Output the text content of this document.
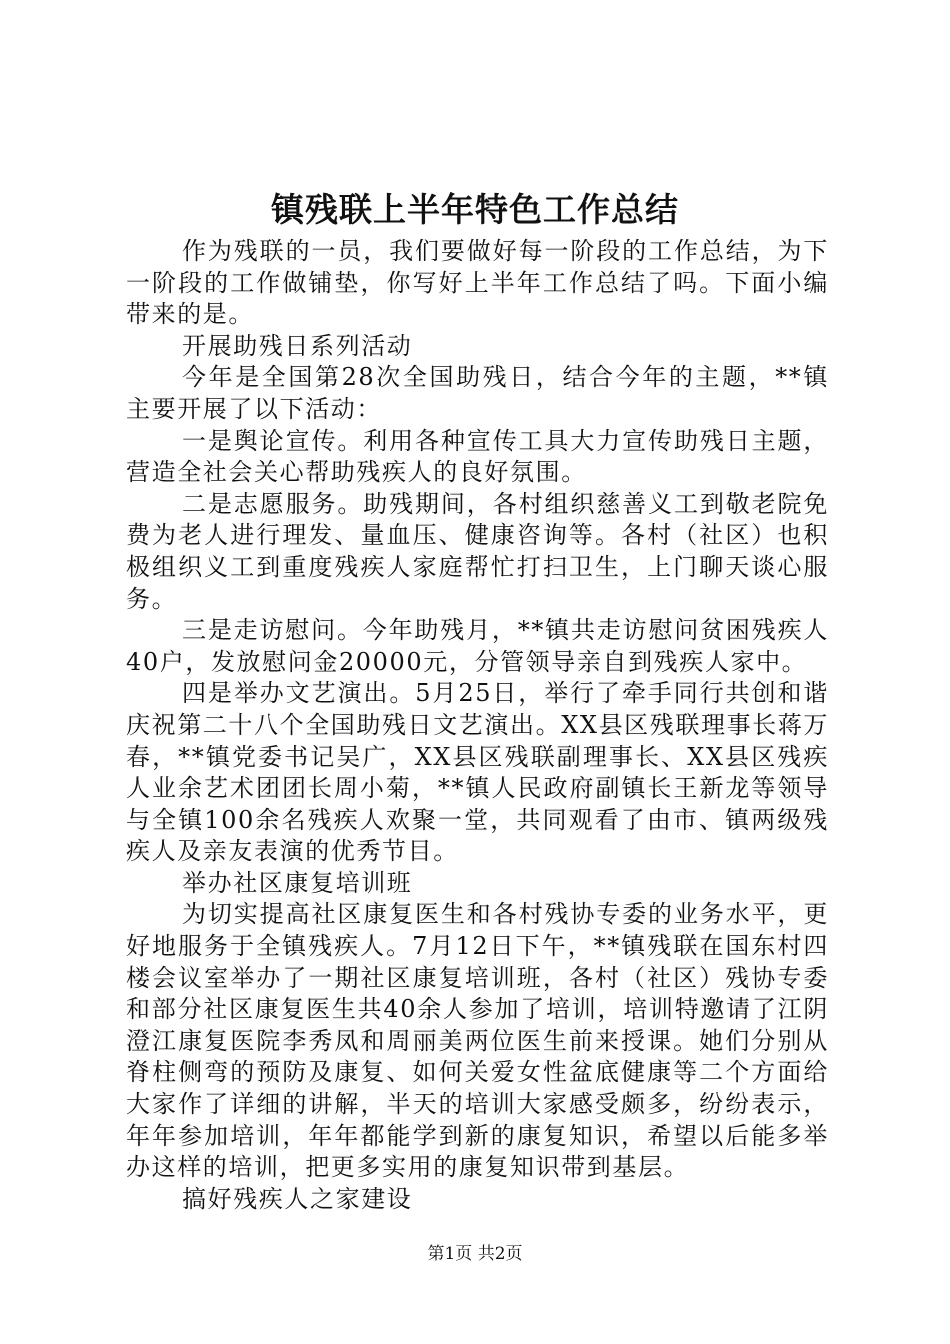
镇残联上半年特色工作总结

作为残联的一员，我们要做好每一阶段的工作总结，为下一阶段的工作做铺垫，你写好上半年工作总结了吗。下面小编带来的是。

开展助残日系列活动

今年是全国第28次全国助残日，结合今年的主题，**镇主要开展了以下活动：

一是舆论宣传。利用各种宣传工具大力宣传助残日主题，营造全社会关心帮助残疾人的良好氛围。

二是志愿服务。助残期间，各村组织慈善义工到敬老院免费为老人进行理发、量血压、健康咨询等。各村（社区）也积极组织义工到重度残疾人家庭帮忙打扫卫生，上门聊天谈心服务。

三是走访慰问。今年助残月，**镇共走访慰问贫困残疾人40户，发放慰问金20000元，分管领导亲自到残疾人家中。

四是举办文艺演出。5月25日，举行了牵手同行共创和谐庆祝第二十八个全国助残日文艺演出。XX县区残联理事长蒋万春，**镇党委书记吴广，XX县区残联副理事长、XX县区残疾人业余艺术团团长周小菊，**镇人民政府副镇长王新龙等领导与全镇100余名残疾人欢聚一堂，共同观看了由市、镇两级残疾人及亲友表演的优秀节目。

举办社区康复培训班

为切实提高社区康复医生和各村残协专委的业务水平，更好地服务于全镇残疾人。7月12日下午，**镇残联在国东村四楼会议室举办了一期社区康复培训班，各村（社区）残协专委和部分社区康复医生共40余人参加了培训，培训特邀请了江阴澄江康复医院李秀凤和周丽美两位医生前来授课。她们分别从脊柱侧弯的预防及康复、如何关爱女性盆底健康等二个方面给大家作了详细的讲解，半天的培训大家感受颇多，纷纷表示，年年参加培训，年年都能学到新的康复知识，希望以后能多举办这样的培训，把更多实用的康复知识带到基层。

搞好残疾人之家建设

第1页 共2页
